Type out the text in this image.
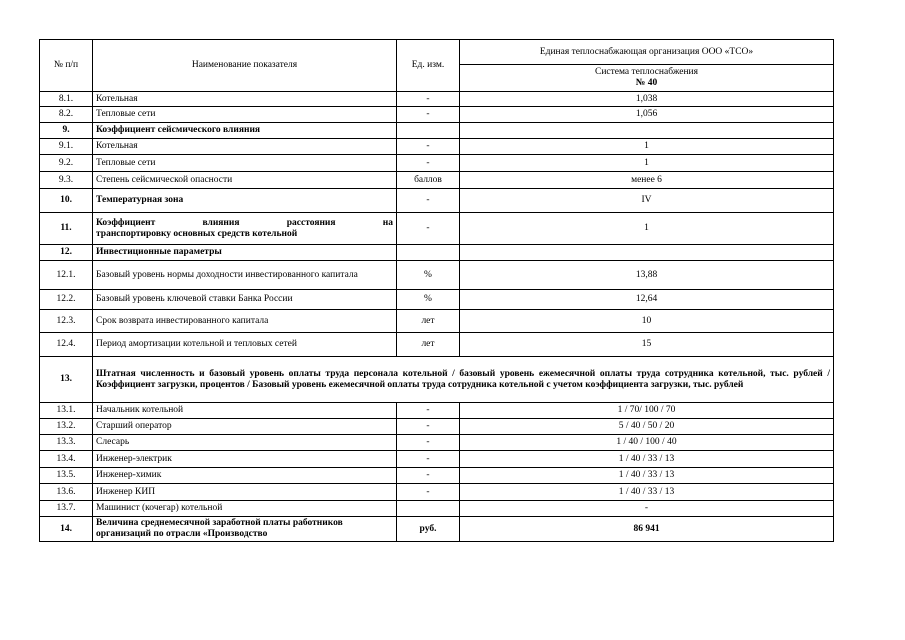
№ п/п	Наименование показателя	Ед. изм.	Единая теплоснабжающая организация ООО «ТСО»

			Система теплоснабжения
№ 40

8.1.	Котельная	-	1,038
8.2.	Тепловые сети	-	1,056
9.	Коэффициент сейсмического влияния		
9.1.	Котельная	-	1
9.2.	Тепловые сети	-	1
9.3.	Степень сейсмической опасности	баллов	менее 6
10.	Температурная зона	-	IV
11.	Коэффициент влияния расстояния на
транспортировку основных средств котельной	-	1
12.	Инвестиционные параметры		
12.1.	Базовый уровень нормы доходности инвестированного капитала	%	13,88
12.2.	Базовый уровень ключевой ставки Банка России	%	12,64
12.3.	Срок возврата инвестированного капитала	лет	10
12.4.	Период амортизации котельной и тепловых сетей	лет	15
13.	Штатная численность и базовый уровень оплаты труда персонала котельной / базовый уровень ежемесячной оплаты труда сотрудника котельной, тыс. рублей / Коэффициент загрузки, процентов / Базовый уровень ежемесячной оплаты труда сотрудника котельной с учетом коэффициента загрузки, тыс. рублей		
13.1.	Начальник котельной	-	1 / 70/ 100 / 70
13.2.	Старший оператор	-	5 / 40 / 50 / 20
13.3.	Слесарь	-	1 / 40 / 100 / 40
13.4.	Инженер-электрик	-	1 / 40 / 33 / 13
13.5.	Инженер-химик	-	1 / 40 / 33 / 13
13.6.	Инженер КИП	-	1 / 40 / 33 / 13
13.7.	Машинист (кочегар) котельной		-
14.	Величина среднемесячной заработной платы работников организаций по отрасли «Производство	руб.	86 941
